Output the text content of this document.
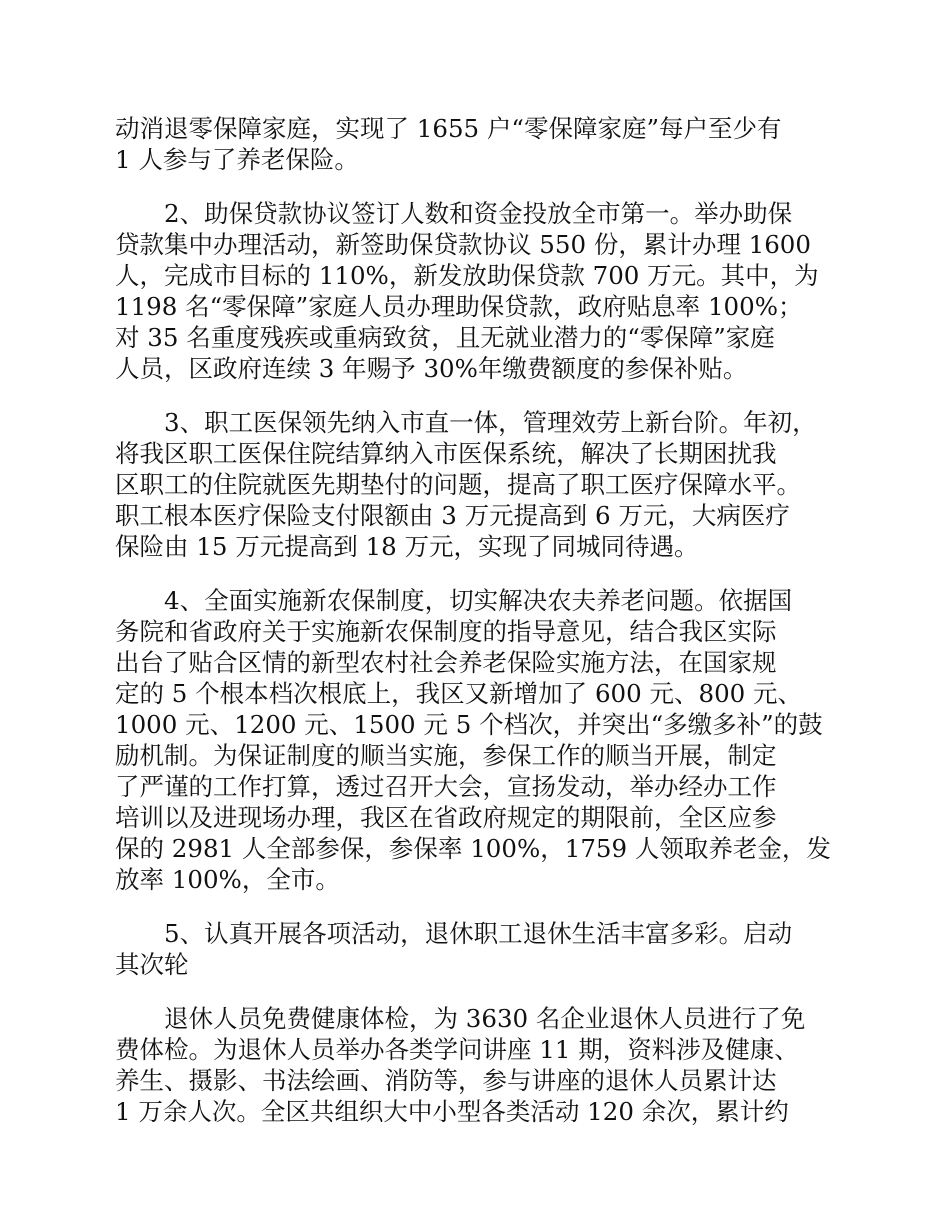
动消退零保障家庭，实现了 1655 户“零保障家庭”每户至少有
1 人参与了养老保险。

　　2、助保贷款协议签订人数和资金投放全市第一。举办助保
贷款集中办理活动，新签助保贷款协议 550 份，累计办理 1600
人，完成市目标的 110%，新发放助保贷款 700 万元。其中，为
1198 名“零保障”家庭人员办理助保贷款，政府贴息率 100%；
对 35 名重度残疾或重病致贫，且无就业潜力的“零保障”家庭
人员，区政府连续 3 年赐予 30%年缴费额度的参保补贴。

　　3、职工医保领先纳入市直一体，管理效劳上新台阶。年初，
将我区职工医保住院结算纳入市医保系统，解决了长期困扰我
区职工的住院就医先期垫付的问题，提高了职工医疗保障水平。
职工根本医疗保险支付限额由 3 万元提高到 6 万元，大病医疗
保险由 15 万元提高到 18 万元，实现了同城同待遇。

　　4、全面实施新农保制度，切实解决农夫养老问题。依据国
务院和省政府关于实施新农保制度的指导意见，结合我区实际
出台了贴合区情的新型农村社会养老保险实施方法，在国家规
定的 5 个根本档次根底上，我区又新增加了 600 元、800 元、
1000 元、1200 元、1500 元 5 个档次，并突出“多缴多补”的鼓
励机制。为保证制度的顺当实施，参保工作的顺当开展，制定
了严谨的工作打算，透过召开大会，宣扬发动，举办经办工作
培训以及进现场办理，我区在省政府规定的期限前，全区应参
保的 2981 人全部参保，参保率 100%，1759 人领取养老金，发
放率 100%，全市。

　　5、认真开展各项活动，退休职工退休生活丰富多彩。启动
其次轮

　　退休人员免费健康体检，为 3630 名企业退休人员进行了免
费体检。为退休人员举办各类学问讲座 11 期，资料涉及健康、
养生、摄影、书法绘画、消防等，参与讲座的退休人员累计达
1 万余人次。全区共组织大中小型各类活动 120 余次，累计约
